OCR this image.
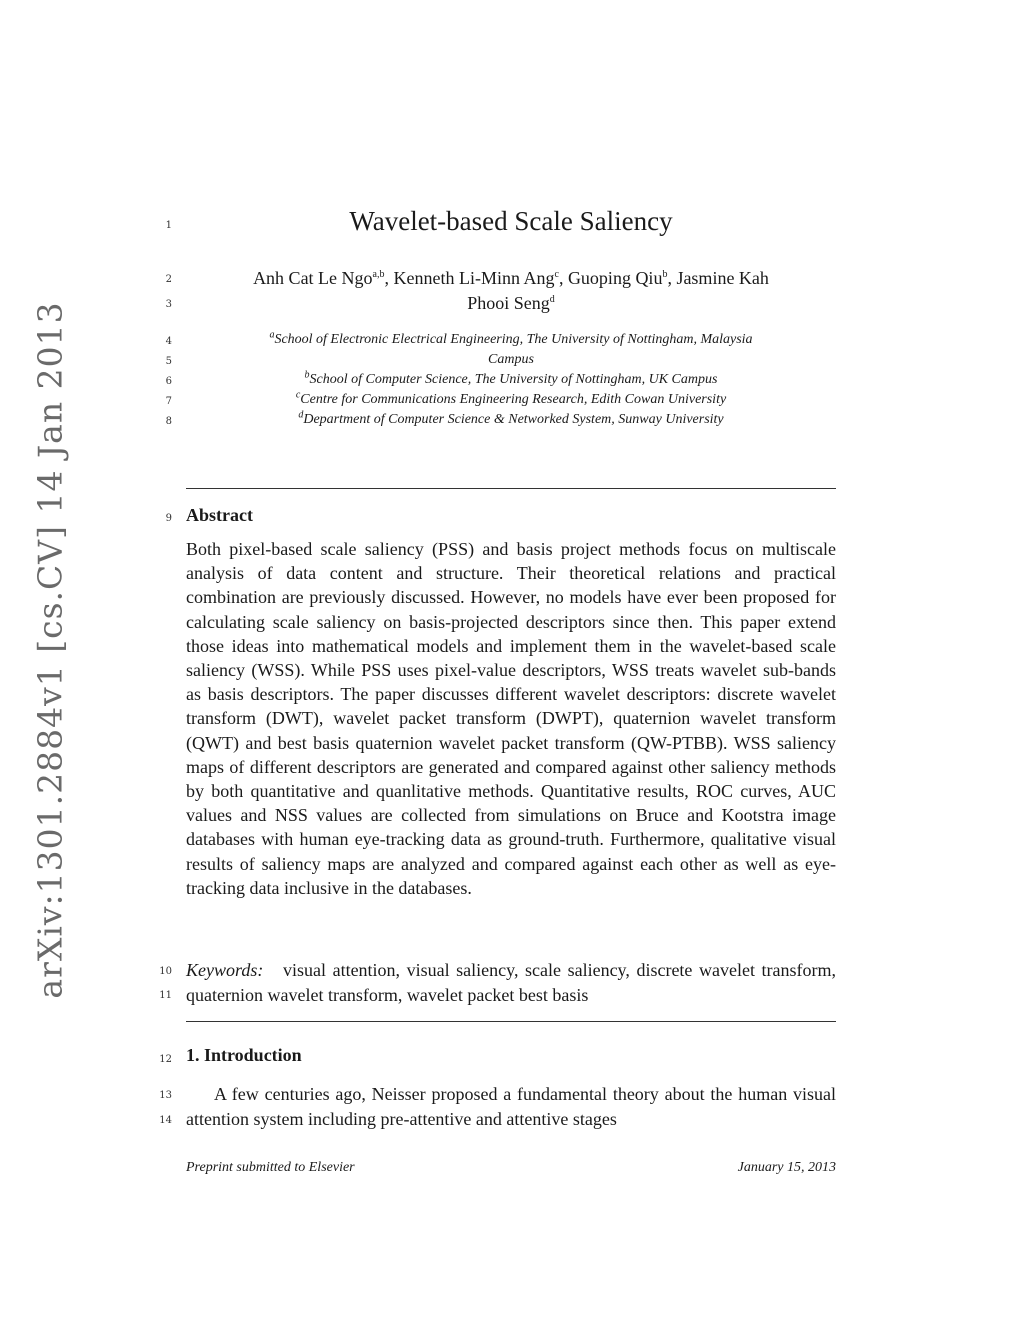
arXiv:1301.2884v1 [cs.CV] 14 Jan 2013
1
2
3
4
5
6
7
8
9
10
11
12
13
14
Wavelet-based Scale Saliency
Anh Cat Le Ngo$^{a,b}$, Kenneth Li-Minn Ang$^c$, Guoping Qiu$^b$, Jasmine Kah
Phooi Seng$^d$
$^a$School of Electronic Electrical Engineering, The University of Nottingham, Malaysia
Campus
$^b$School of Computer Science, The University of Nottingham, UK Campus
$^c$Centre for Communications Engineering Research, Edith Cowan University
$^d$Department of Computer Science & Networked System, Sunway University
Abstract
Both pixel-based scale saliency (PSS) and basis project methods focus on multiscale analysis of data content and structure. Their theoretical relations and practical combination are previously discussed. However, no models have ever been proposed for calculating scale saliency on basis-projected descriptors since then. This paper extend those ideas into mathematical models and implement them in the wavelet-based scale saliency (WSS). While PSS uses pixel-value descriptors, WSS treats wavelet sub-bands as basis descriptors. The paper discusses different wavelet descriptors: discrete wavelet transform (DWT), wavelet packet transform (DWPT), quaternion wavelet transform (QWT) and best basis quaternion wavelet packet transform (QW-PTBB). WSS saliency maps of different descriptors are generated and compared against other saliency methods by both quantitative and quanlitative methods. Quantitative results, ROC curves, AUC values and NSS values are collected from simulations on Bruce and Kootstra image databases with human eye-tracking data as ground-truth. Furthermore, qualitative visual results of saliency maps are analyzed and compared against each other as well as eye-tracking data inclusive in the databases.
Keywords: visual attention, visual saliency, scale saliency, discrete wavelet transform, quaternion wavelet transform, wavelet packet best basis
1. Introduction

A few centuries ago, Neisser proposed a fundamental theory about the human visual attention system including pre-attentive and attentive stages

Preprint submitted to Elsevier	January 15, 2013
